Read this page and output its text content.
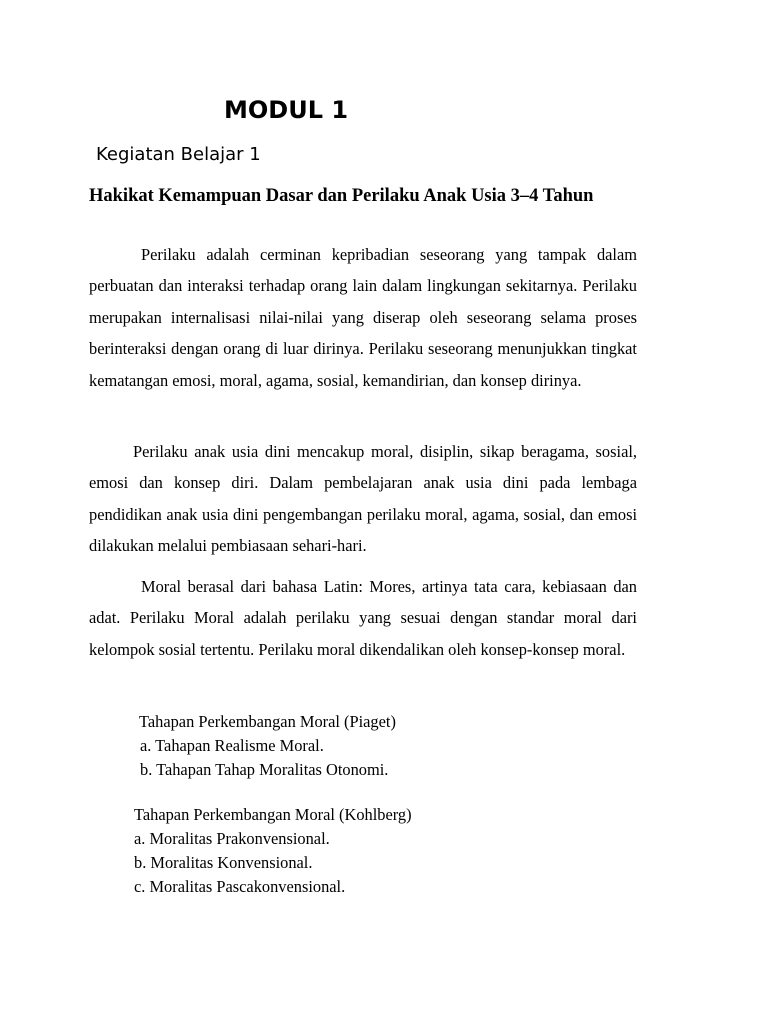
MODUL 1
Kegiatan Belajar 1
Hakikat Kemampuan Dasar dan Perilaku Anak Usia 3–4 Tahun

Perilaku adalah cerminan kepribadian seseorang yang tampak dalam perbuatan dan interaksi terhadap orang lain dalam lingkungan sekitarnya. Perilaku merupakan internalisasi nilai-nilai yang diserap oleh seseorang selama proses berinteraksi dengan orang di luar dirinya. Perilaku seseorang menunjukkan tingkat kematangan emosi, moral, agama, sosial, kemandirian, dan konsep dirinya.

Perilaku anak usia dini mencakup moral, disiplin, sikap beragama, sosial, emosi dan konsep diri. Dalam pembelajaran anak usia dini pada lembaga pendidikan anak usia dini pengembangan perilaku moral, agama, sosial, dan emosi dilakukan melalui pembiasaan sehari-hari.

Moral berasal dari bahasa Latin: Mores, artinya tata cara, kebiasaan dan adat. Perilaku Moral adalah perilaku yang sesuai dengan standar moral dari kelompok sosial tertentu. Perilaku moral dikendalikan oleh konsep-konsep moral.

Tahapan Perkembangan Moral (Piaget)
a. Tahapan Realisme Moral.
b. Tahapan Tahap Moralitas Otonomi.
Tahapan Perkembangan Moral (Kohlberg)
a. Moralitas Prakonvensional.
b. Moralitas Konvensional.
c. Moralitas Pascakonvensional.
